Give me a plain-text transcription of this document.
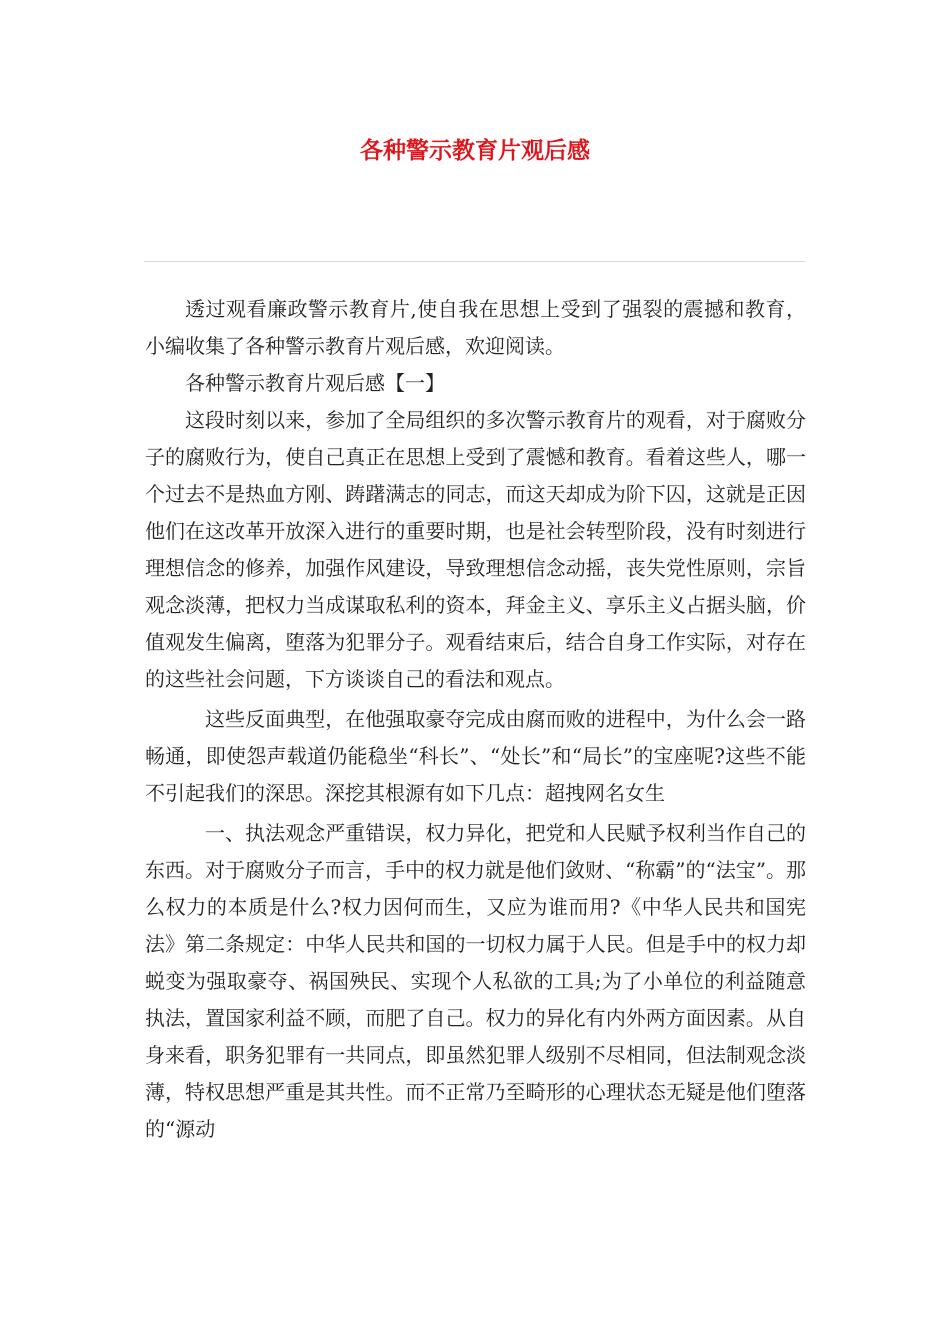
各种警示教育片观后感

透过观看廉政警示教育片,使自我在思想上受到了强裂的震撼和教育，小编收集了各种警示教育片观后感，欢迎阅读。

各种警示教育片观后感【一】

这段时刻以来，参加了全局组织的多次警示教育片的观看，对于腐败分子的腐败行为，使自己真正在思想上受到了震憾和教育。看着这些人，哪一个过去不是热血方刚、踌躇满志的同志，而这天却成为阶下囚，这就是正因他们在这改革开放深入进行的重要时期，也是社会转型阶段，没有时刻进行理想信念的修养，加强作风建设，导致理想信念动摇，丧失党性原则，宗旨观念淡薄，把权力当成谋取私利的资本，拜金主义、享乐主义占据头脑，价值观发生偏离，堕落为犯罪分子。观看结束后，结合自身工作实际，对存在的这些社会问题，下方谈谈自己的看法和观点。

这些反面典型，在他强取豪夺完成由腐而败的进程中，为什么会一路畅通，即使怨声载道仍能稳坐“科长”、“处长”和“局长”的宝座呢?这些不能不引起我们的深思。深挖其根源有如下几点：超拽网名女生

一、执法观念严重错误，权力异化，把党和人民赋予权利当作自己的东西。对于腐败分子而言，手中的权力就是他们敛财、“称霸”的“法宝”。那么权力的本质是什么?权力因何而生，又应为谁而用?《中华人民共和国宪法》第二条规定：中华人民共和国的一切权力属于人民。但是手中的权力却蜕变为强取豪夺、祸国殃民、实现个人私欲的工具;为了小单位的利益随意执法，置国家利益不顾，而肥了自己。权力的异化有内外两方面因素。从自身来看，职务犯罪有一共同点，即虽然犯罪人级别不尽相同，但法制观念淡薄，特权思想严重是其共性。而不正常乃至畸形的心理状态无疑是他们堕落的“源动
